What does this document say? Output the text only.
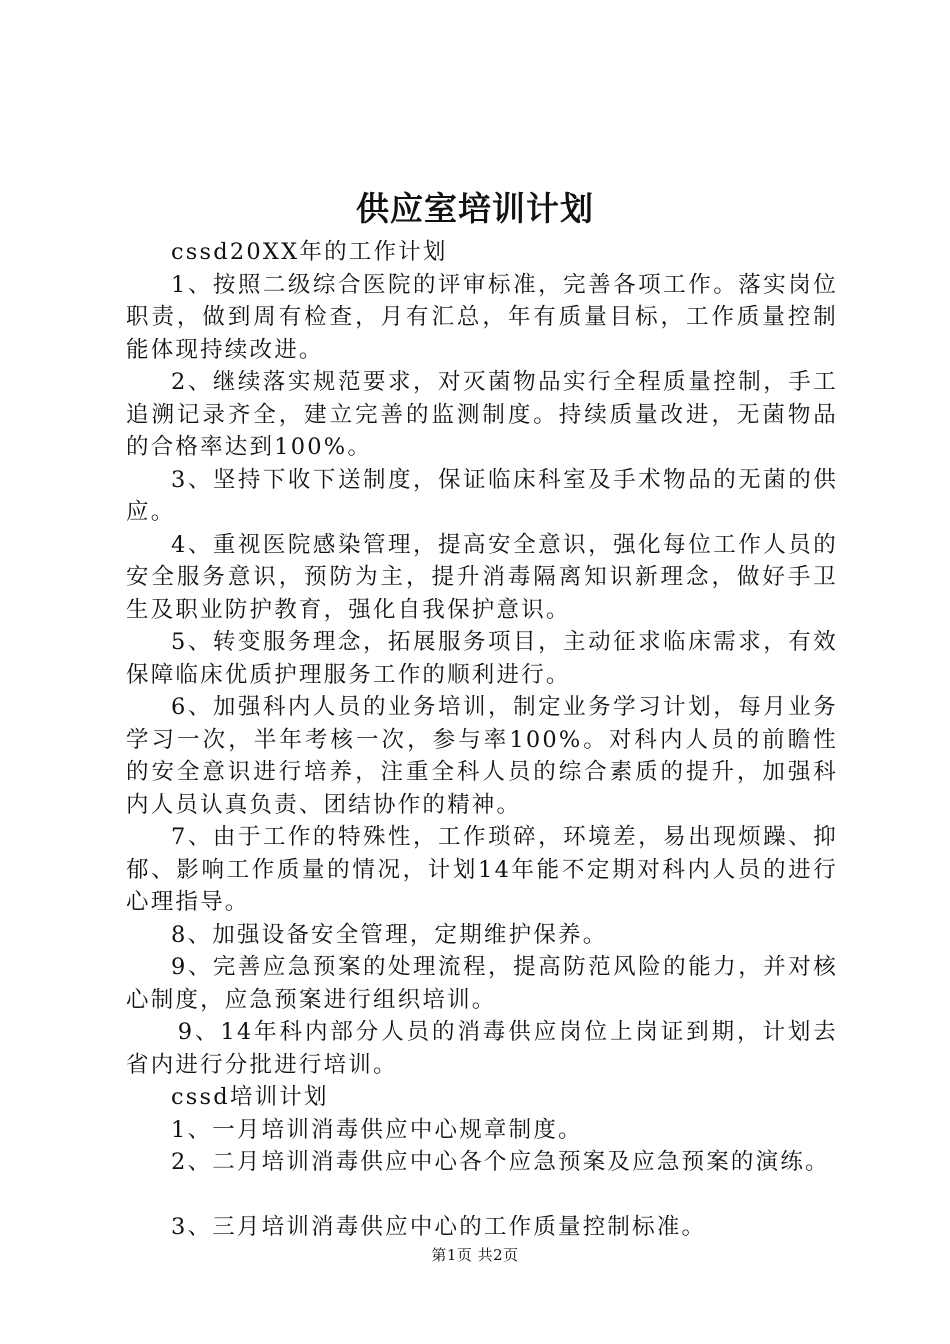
供应室培训计划

cssd20XX年的工作计划

1、按照二级综合医院的评审标准，完善各项工作。落实岗位职责，做到周有检查，月有汇总，年有质量目标，工作质量控制能体现持续改进。

2、继续落实规范要求，对灭菌物品实行全程质量控制，手工追溯记录齐全，建立完善的监测制度。持续质量改进，无菌物品的合格率达到100%。

3、坚持下收下送制度，保证临床科室及手术物品的无菌的供应。

4、重视医院感染管理，提高安全意识，强化每位工作人员的安全服务意识，预防为主，提升消毒隔离知识新理念，做好手卫生及职业防护教育，强化自我保护意识。

5、转变服务理念，拓展服务项目，主动征求临床需求，有效保障临床优质护理服务工作的顺利进行。

6、加强科内人员的业务培训，制定业务学习计划，每月业务学习一次，半年考核一次，参与率100%。对科内人员的前瞻性的安全意识进行培养，注重全科人员的综合素质的提升，加强科内人员认真负责、团结协作的精神。

7、由于工作的特殊性，工作琐碎，环境差，易出现烦躁、抑郁、影响工作质量的情况，计划14年能不定期对科内人员的进行心理指导。

8、加强设备安全管理，定期维护保养。

9、完善应急预案的处理流程，提高防范风险的能力，并对核心制度，应急预案进行组织培训。

9、14年科内部分人员的消毒供应岗位上岗证到期，计划去省内进行分批进行培训。

cssd培训计划

1、一月培训消毒供应中心规章制度。

2、二月培训消毒供应中心各个应急预案及应急预案的演练。

3、三月培训消毒供应中心的工作质量控制标准。

第1页 共2页
